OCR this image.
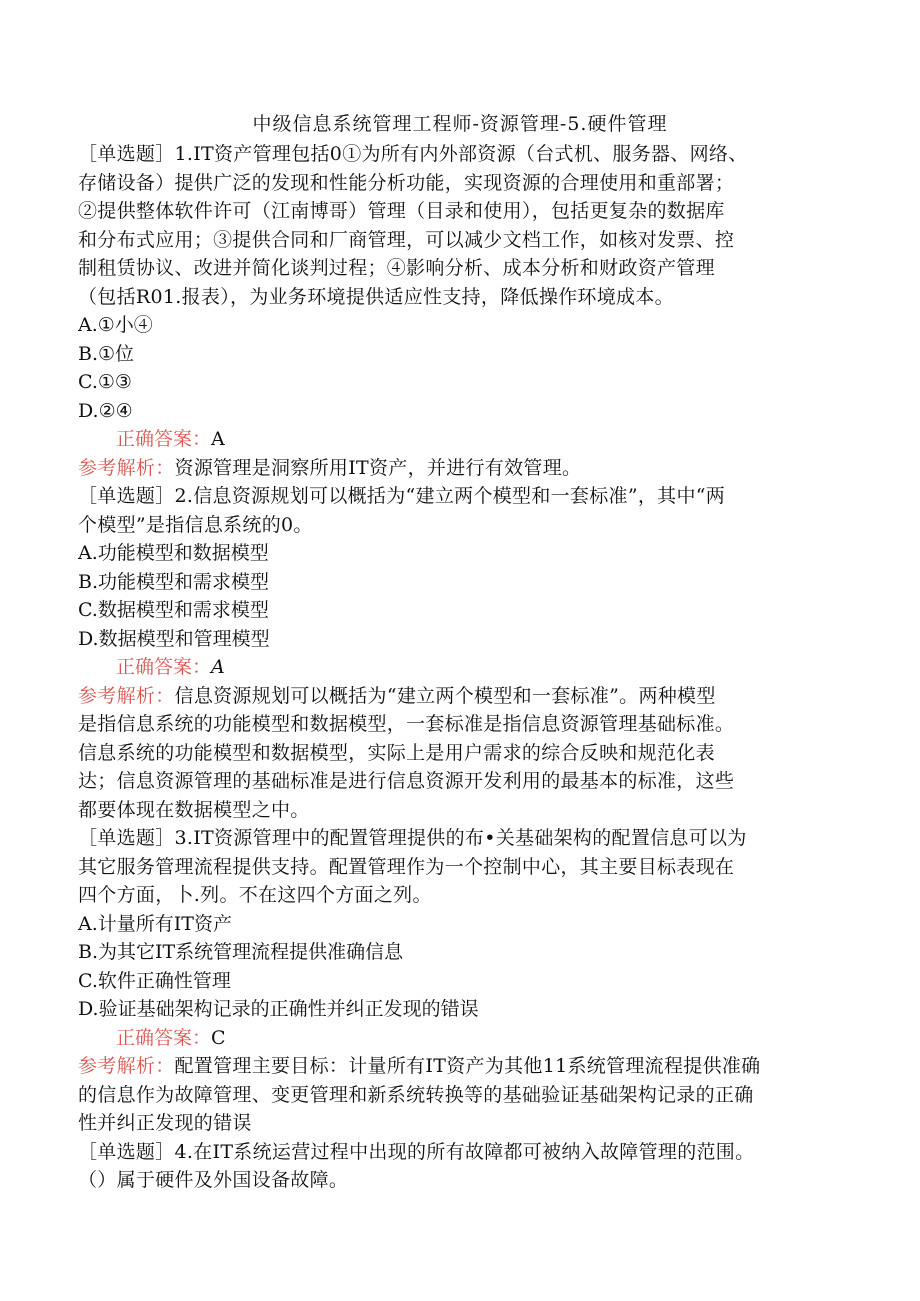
中级信息系统管理工程师-资源管理-5.硬件管理
［单选题］1.IT资产管理包括0①为所有内外部资源（台式机、服务器、网络、
存储设备）提供广泛的发现和性能分析功能，实现资源的合理使用和重部署；
②提供整体软件许可（江南博哥）管理（目录和使用），包括更复杂的数据库
和分布式应用；③提供合同和厂商管理，可以减少文档工作，如核对发票、控
制租赁协议、改进并简化谈判过程；④影响分析、成本分析和财政资产管理
（包括R01.报表），为业务环境提供适应性支持，降低操作环境成本。
A.①小④
B.①位
C.①③
D.②④
正确答案：A
参考解析：资源管理是洞察所用IT资产，并进行有效管理。
［单选题］2.信息资源规划可以概括为“建立两个模型和一套标准”，其中“两
个模型”是指信息系统的0。
A.功能模型和数据模型
B.功能模型和需求模型
C.数据模型和需求模型
D.数据模型和管理模型
正确答案：A
参考解析：信息资源规划可以概括为“建立两个模型和一套标准”。两种模型
是指信息系统的功能模型和数据模型，一套标准是指信息资源管理基础标准。
信息系统的功能模型和数据模型，实际上是用户需求的综合反映和规范化表
达；信息资源管理的基础标准是进行信息资源开发利用的最基本的标准，这些
都要体现在数据模型之中。
［单选题］3.IT资源管理中的配置管理提供的布•关基础架构的配置信息可以为
其它服务管理流程提供支持。配置管理作为一个控制中心，其主要目标表现在
四个方面，卜.列。不在这四个方面之列。
A.计量所有IT资产
B.为其它IT系统管理流程提供准确信息
C.软件正确性管理
D.验证基础架构记录的正确性并纠正发现的错误
正确答案：C
参考解析：配置管理主要目标：计量所有IT资产为其他11系统管理流程提供准确
的信息作为故障管理、变更管理和新系统转换等的基础验证基础架构记录的正确
性并纠正发现的错误
［单选题］4.在IT系统运营过程中出现的所有故障都可被纳入故障管理的范围。
（）属于硬件及外国设备故障。
